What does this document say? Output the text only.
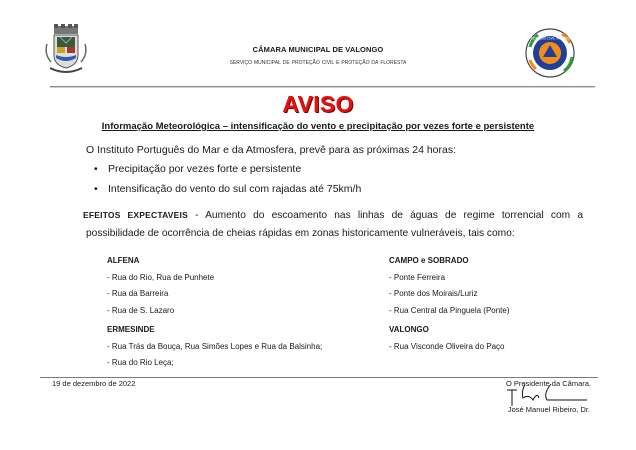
CÂMARA MUNICIPAL DE VALONGO
serviço municipal de proteção civil e proteção da floresta
PROTEÇÃO CIVIL VALONGO
AVISO
Informação Meteorológica – intensificação do vento e precipitação por vezes forte e persistente
O Instituto Português do Mar e da Atmosfera, prevê para as próximas 24 horas:
• Precipitação por vezes forte e persistente
• Intensificação do vento do sul com rajadas até 75km/h
EFEITOS EXPECTAVEIS - Aumento do escoamento nas linhas de águas de regime torrencial com a
possibilidade de ocorrência de cheias rápidas em zonas historicamente vulneráveis, tais como:
ALFENA
- Rua do Rio, Rua de Punhete
- Rua da Barreira
- Rua de S. Lazaro
CAMPO e SOBRADO
- Ponte Ferreira
- Ponte dos Moirais/Luriz
- Rua Central da Pinguela (Ponte)
ERMESINDE
- Rua Trás da Bouça, Rua Simões Lopes e Rua da Balsinha;
- Rua do Rio Leça;
VALONGO
- Rua Visconde Oliveira do Paço
19 de dezembro de 2022	O Presidente da Câmara,
José Manuel Ribeiro, Dr.
